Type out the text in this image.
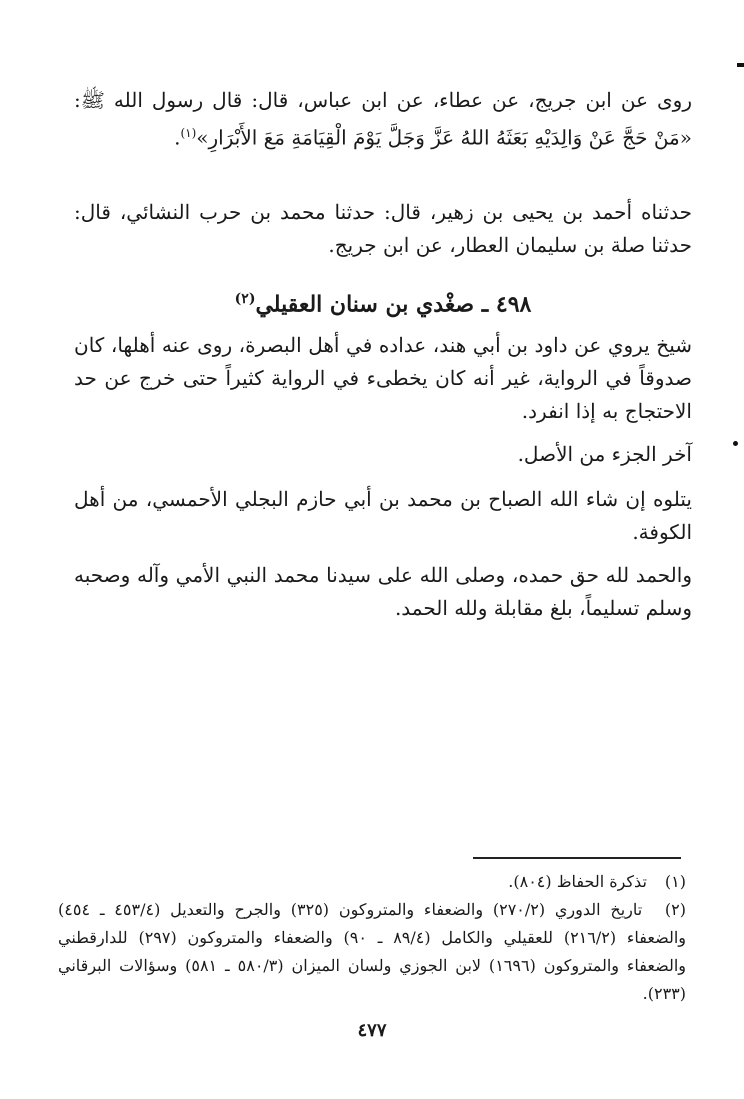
روى عن ابن جريج، عن عطاء، عن ابن عباس، قال: قال رسول الله ﷺ: «مَنْ حَجَّ عَنْ وَالِدَيْهِ بَعَثَهُ اللهُ عَزَّ وَجَلَّ يَوْمَ الْقِيَامَةِ مَعَ الأَبْرَارِ»$^{(١)}$.

حدثناه أحمد بن يحيى بن زهير، قال: حدثنا محمد بن حرب النشائي، قال: حدثنا صلة بن سليمان العطار، عن ابن جريج.

٤٩٨ ـ صغْدي بن سنان العقيلي$^{(٢)}$

شيخ يروي عن داود بن أبي هند، عداده في أهل البصرة، روى عنه أهلها، كان صدوقاً في الرواية، غير أنه كان يخطىء في الرواية كثيراً حتى خرج عن حد الاحتجاج به إذا انفرد.

آخر الجزء من الأصل.

يتلوه إن شاء الله الصباح بن محمد بن أبي حازم البجلي الأحمسي، من أهل الكوفة.

والحمد لله حق حمده، وصلى الله على سيدنا محمد النبي الأمي وآله وصحبه وسلم تسليماً، بلغ مقابلة ولله الحمد.

(١) تذكرة الحفاظ (٨٠٤).
(٢) تاريخ الدوري (٢٧٠/٢) والضعفاء والمتروكون (٣٢٥) والجرح والتعديل (٤٥٣/٤ ـ ٤٥٤) والضعفاء (٢١٦/٢) للعقيلي والكامل (٨٩/٤ ـ ٩٠) والضعفاء والمتروكون (٢٩٧) للدارقطني والضعفاء والمتروكون (١٦٩٦) لابن الجوزي ولسان الميزان (٥٨٠/٣ ـ ٥٨١) وسؤالات البرقاني (٢٣٣).
٤٧٧
